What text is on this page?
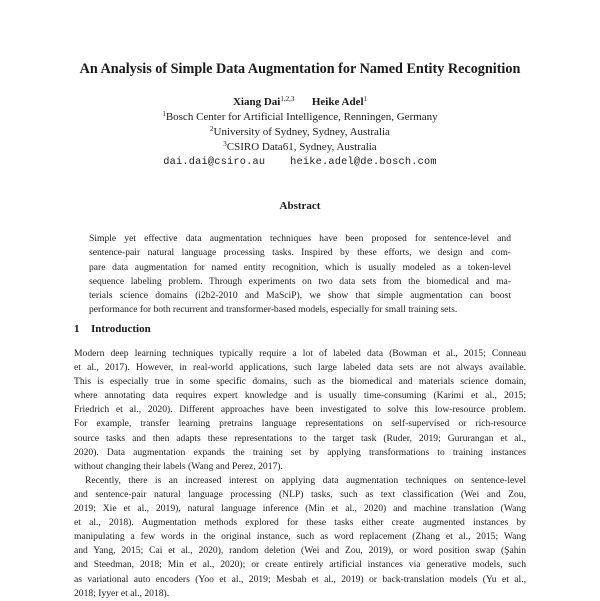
An Analysis of Simple Data Augmentation for Named Entity Recognition
Xiang Dai$^{1,2,3}$ Heike Adel$^1$
$^1$Bosch Center for Artificial Intelligence, Renningen, Germany
$^2$University of Sydney, Sydney, Australia
$^3$CSIRO Data61, Sydney, Australia
dai.dai@csiro.au heike.adel@de.bosch.com
Abstract
Simple yet effective data augmentation techniques have been proposed for sentence-level and
sentence-pair natural language processing tasks. Inspired by these efforts, we design and com-
pare data augmentation for named entity recognition, which is usually modeled as a token-level
sequence labeling problem. Through experiments on two data sets from the biomedical and ma-
terials science domains (i2b2-2010 and MaSciP), we show that simple augmentation can boost
performance for both recurrent and transformer-based models, especially for small training sets.
1 Introduction
Modern deep learning techniques typically require a lot of labeled data (Bowman et al., 2015; Conneau
et al., 2017). However, in real-world applications, such large labeled data sets are not always available.
This is especially true in some specific domains, such as the biomedical and materials science domain,
where annotating data requires expert knowledge and is usually time-consuming (Karimi et al., 2015;
Friedrich et al., 2020). Different approaches have been investigated to solve this low-resource problem.
For example, transfer learning pretrains language representations on self-supervised or rich-resource
source tasks and then adapts these representations to the target task (Ruder, 2019; Gururangan et al.,
2020). Data augmentation expands the training set by applying transformations to training instances
without changing their labels (Wang and Perez, 2017).
Recently, there is an increased interest on applying data augmentation techniques on sentence-level
and sentence-pair natural language processing (NLP) tasks, such as text classification (Wei and Zou,
2019; Xie et al., 2019), natural language inference (Min et al., 2020) and machine translation (Wang
et al., 2018). Augmentation methods explored for these tasks either create augmented instances by
manipulating a few words in the original instance, such as word replacement (Zhang et al., 2015; Wang
and Yang, 2015; Cai et al., 2020), random deletion (Wei and Zou, 2019), or word position swap (Şahin
and Steedman, 2018; Min et al., 2020); or create entirely artificial instances via generative models, such
as variational auto encoders (Yoo et al., 2019; Mesbah et al., 2019) or back-translation models (Yu et al.,
2018; Iyyer et al., 2018).
